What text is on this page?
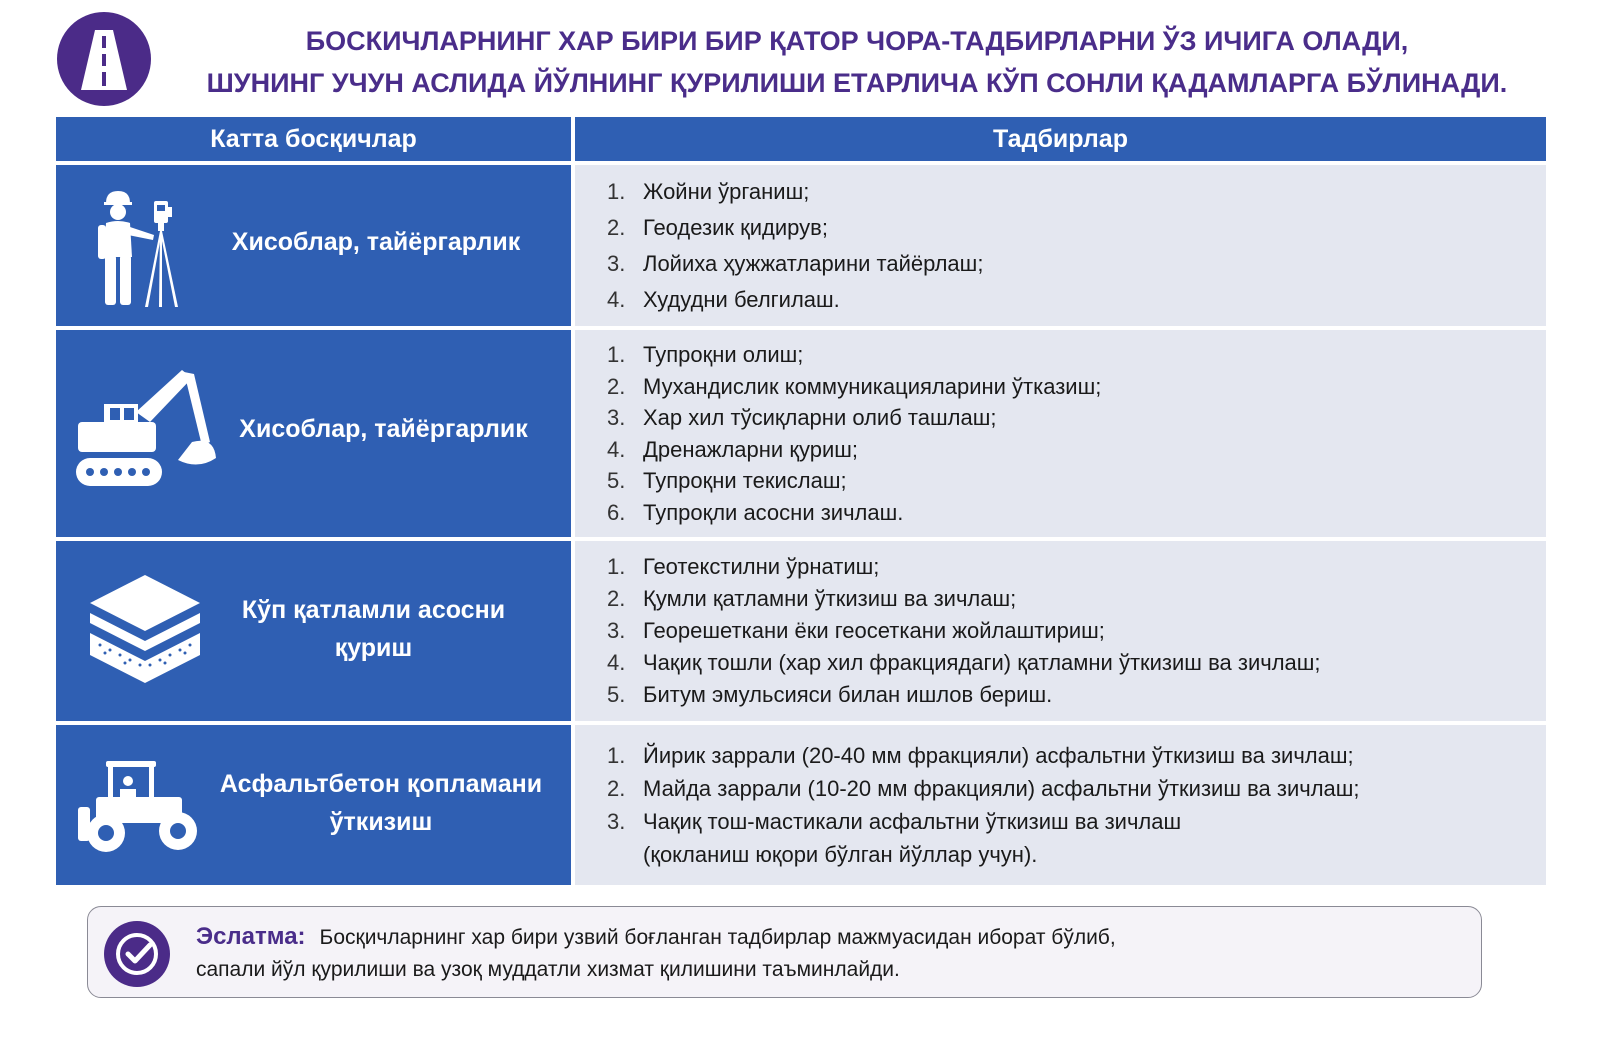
БОСКИЧЛАРНИНГ ХАР БИРИ БИР ҚАТОР ЧОРА-ТАДБИРЛАРНИ ЎЗ ИЧИГА ОЛАДИ,
ШУНИНГ УЧУН АСЛИДА ЙЎЛНИНГ ҚУРИЛИШИ ЕТАРЛИЧА КЎП СОНЛИ ҚАДАМЛАРГА БЎЛИНАДИ.
Катта босқичлар	Тадбирлар
Хисоблар, тайёргарлик
1. Жойни ўрганиш;
2. Геодезик қидирув;
3. Лойиха ҳужжатларини тайёрлаш;
4. Худудни белгилаш.
Хисоблар, тайёргарлик
1. Тупроқни олиш;
2. Мухандислик коммуникацияларини ўтказиш;
3. Хар хил тўсиқларни олиб ташлаш;
4. Дренажларни қуриш;
5. Тупроқни текислаш;
6. Тупроқли асосни зичлаш.
Кўп қатламли асосни
қуриш
1. Геотекстилни ўрнатиш;
2. Қумли қатламни ўткизиш ва зичлаш;
3. Георешеткани ёки геосеткани жойлаштириш;
4. Чақиқ тошли (хар хил фракциядаги) қатламни ўткизиш ва зичлаш;
5. Битум эмульсияси билан ишлов бериш.
Асфальтбетон қопламани
ўткизиш
1. Йирик заррали (20-40 мм фракцияли) асфальтни ўткизиш ва зичлаш;
2. Майда заррали (10-20 мм фракцияли) асфальтни ўткизиш ва зичлаш;
3. Чақиқ тош-мастикали асфальтни ўткизиш ва зичлаш
(қокланиш юқори бўлган йўллар учун).
Эслатма: Босқичларнинг хар бири узвий боғланган тадбирлар мажмуасидан иборат бўлиб,
сапали йўл қурилиши ва узоқ муддатли хизмат қилишини таъминлайди.
